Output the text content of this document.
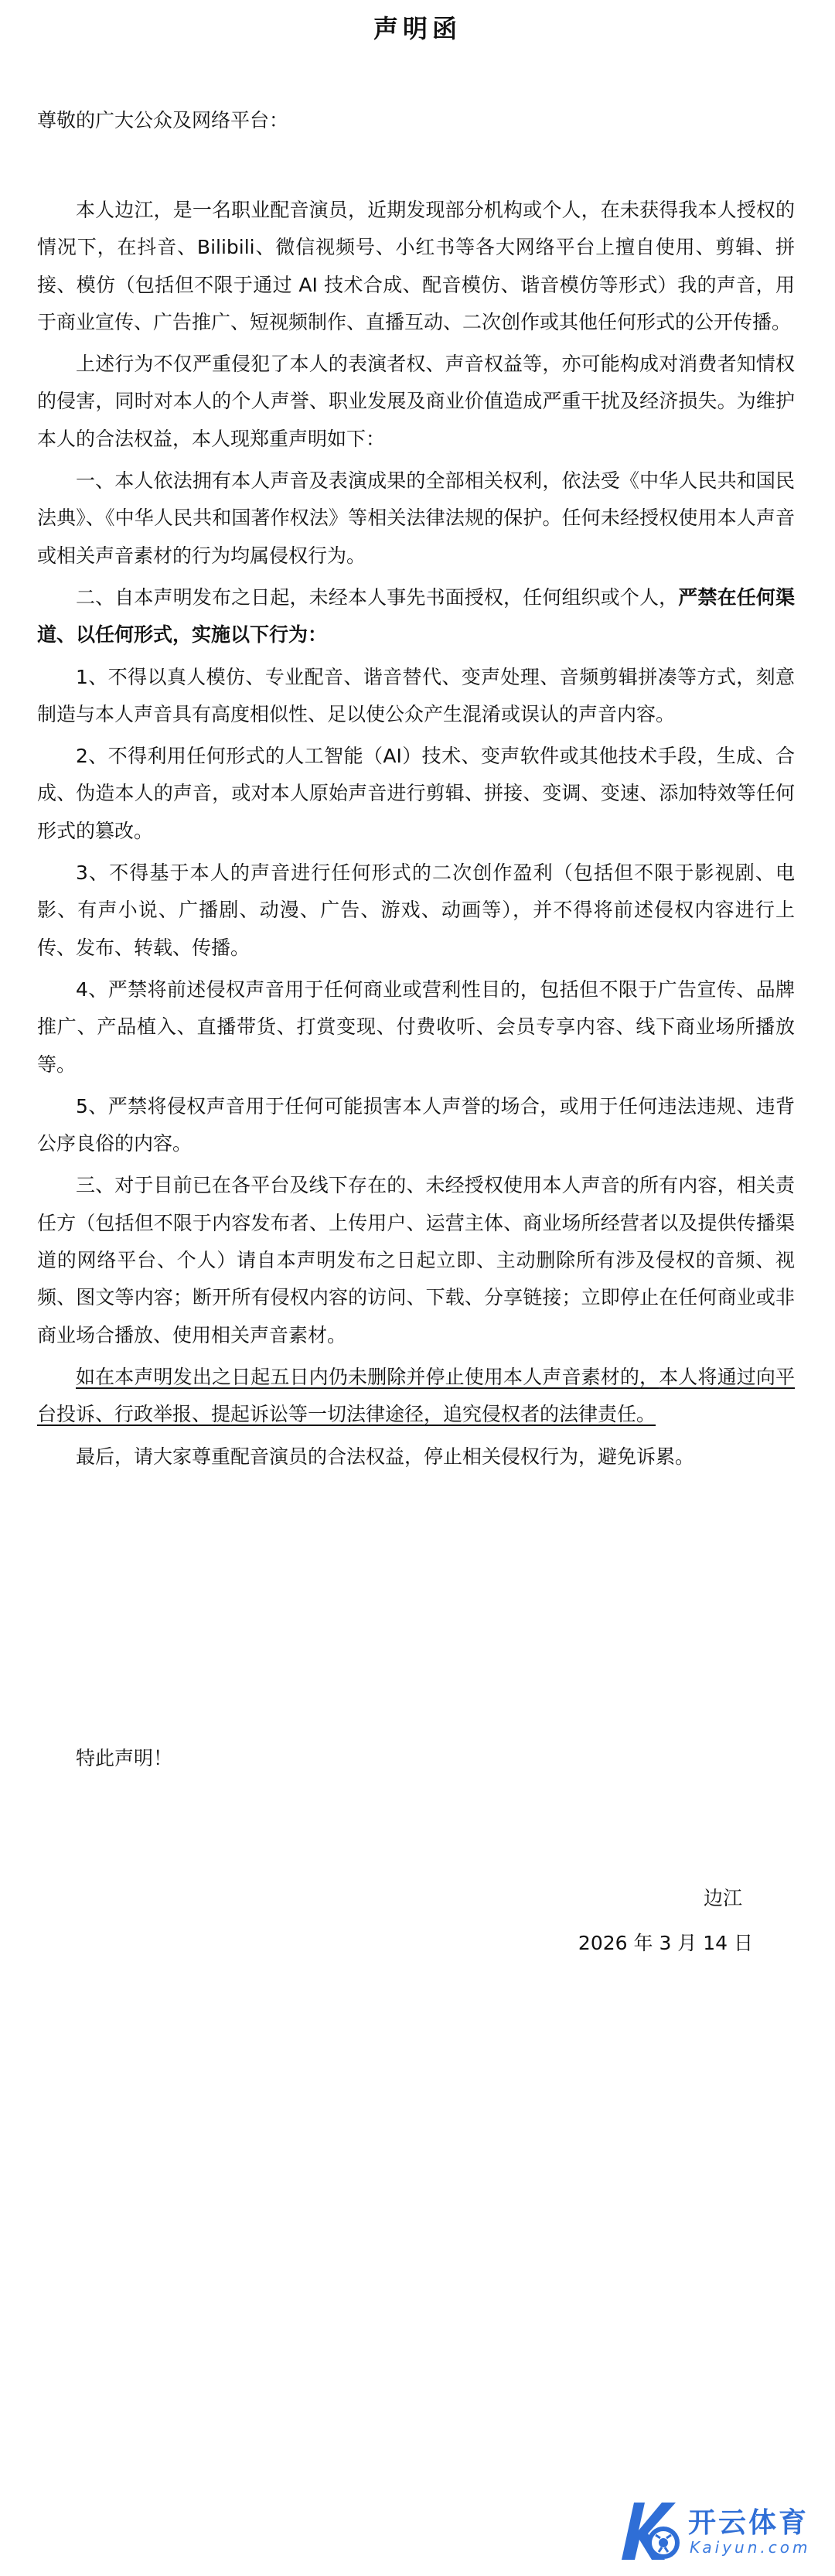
声明函

尊敬的广大公众及网络平台：

本人边江，是一名职业配音演员，近期发现部分机构或个人，在未获得我本人授权的情况下，在抖音、Bilibili、微信视频号、小红书等各大网络平台上擅自使用、剪辑、拼接、模仿（包括但不限于通过 AI 技术合成、配音模仿、谐音模仿等形式）我的声音，用于商业宣传、广告推广、短视频制作、直播互动、二次创作或其他任何形式的公开传播。

上述行为不仅严重侵犯了本人的表演者权、声音权益等，亦可能构成对消费者知情权的侵害，同时对本人的个人声誉、职业发展及商业价值造成严重干扰及经济损失。为维护本人的合法权益，本人现郑重声明如下：

一、本人依法拥有本人声音及表演成果的全部相关权利，依法受《中华人民共和国民法典》、《中华人民共和国著作权法》等相关法律法规的保护。任何未经授权使用本人声音或相关声音素材的行为均属侵权行为。

二、自本声明发布之日起，未经本人事先书面授权，任何组织或个人，严禁在任何渠道、以任何形式，实施以下行为：

1、不得以真人模仿、专业配音、谐音替代、变声处理、音频剪辑拼凑等方式，刻意制造与本人声音具有高度相似性、足以使公众产生混淆或误认的声音内容。

2、不得利用任何形式的人工智能（AI）技术、变声软件或其他技术手段，生成、合成、伪造本人的声音，或对本人原始声音进行剪辑、拼接、变调、变速、添加特效等任何形式的篡改。

3、不得基于本人的声音进行任何形式的二次创作盈利（包括但不限于影视剧、电影、有声小说、广播剧、动漫、广告、游戏、动画等），并不得将前述侵权内容进行上传、发布、转载、传播。

4、严禁将前述侵权声音用于任何商业或营利性目的，包括但不限于广告宣传、品牌推广、产品植入、直播带货、打赏变现、付费收听、会员专享内容、线下商业场所播放等。

5、严禁将侵权声音用于任何可能损害本人声誉的场合，或用于任何违法违规、违背公序良俗的内容。

三、对于目前已在各平台及线下存在的、未经授权使用本人声音的所有内容，相关责任方（包括但不限于内容发布者、上传用户、运营主体、商业场所经营者以及提供传播渠道的网络平台、个人）请自本声明发布之日起立即、主动删除所有涉及侵权的音频、视频、图文等内容；断开所有侵权内容的访问、下载、分享链接；立即停止在任何商业或非商业场合播放、使用相关声音素材。

如在本声明发出之日起五日内仍未删除并停止使用本人声音素材的，本人将通过向平台投诉、行政举报、提起诉讼等一切法律途径，追究侵权者的法律责任。

最后，请大家尊重配音演员的合法权益，停止相关侵权行为，避免诉累。

特此声明！

边江
2026 年 3 月 14 日
开云体育
Kaiyun.com
